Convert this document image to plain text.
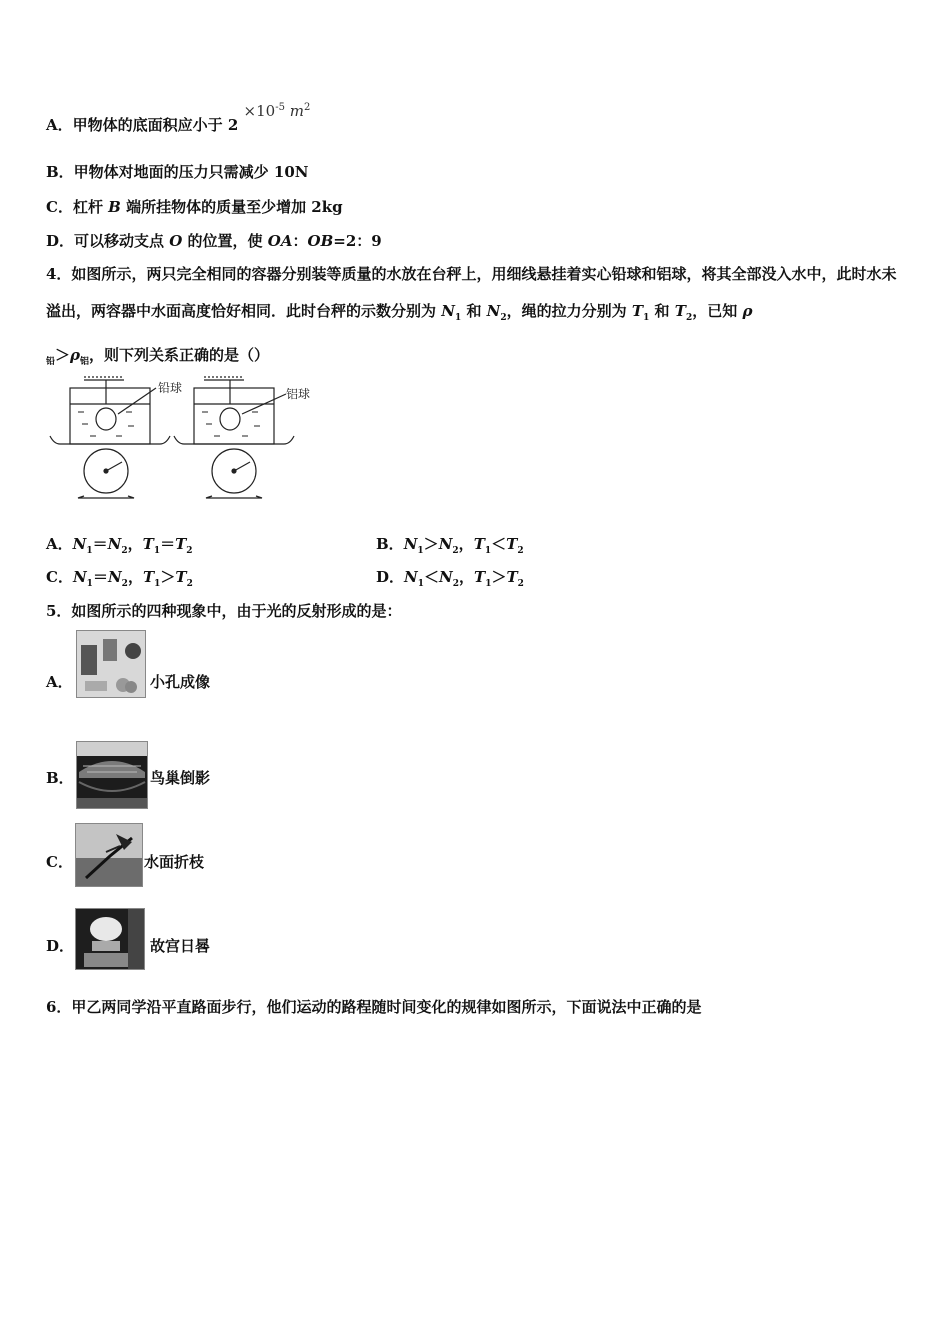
A．甲物体的底面积应小于 $2 \times 10^{-5}$ $m^2$
B．甲物体对地面的压力只需减少 10N
C．杠杆 B 端所挂物体的质量至少增加 2kg
D．可以移动支点 O 的位置，使 OA：OB=2：9
4．如图所示，两只完全相同的容器分别装等质量的水放在台秤上，用细线悬挂着实心铅球和铝球，将其全部没入水中，此时水未溢出，两容器中水面高度恰好相同．此时台秤的示数分别为 $N_1$ 和 $N_2$，绳的拉力分别为 $T_1$ 和 $T_2$，已知 ρ
$_铅>\rho_铝$，则下列关系正确的是（）
铅球	铝球
A．$N_1=N_2$，$T_1=T_2$	B．$N_1>N_2$，$T_1<T_2$
C．$N_1=N_2$，$T_1>T_2$	D．$N_1<N_2$，$T_1>T_2$
5．如图所示的四种现象中，由于光的反射形成的是：
A．	小孔成像
B．	鸟巢倒影
C．	水面折枝
D．	故宫日晷
6．甲乙两同学沿平直路面步行，他们运动的路程随时间变化的规律如图所示，下面说法中正确的是
